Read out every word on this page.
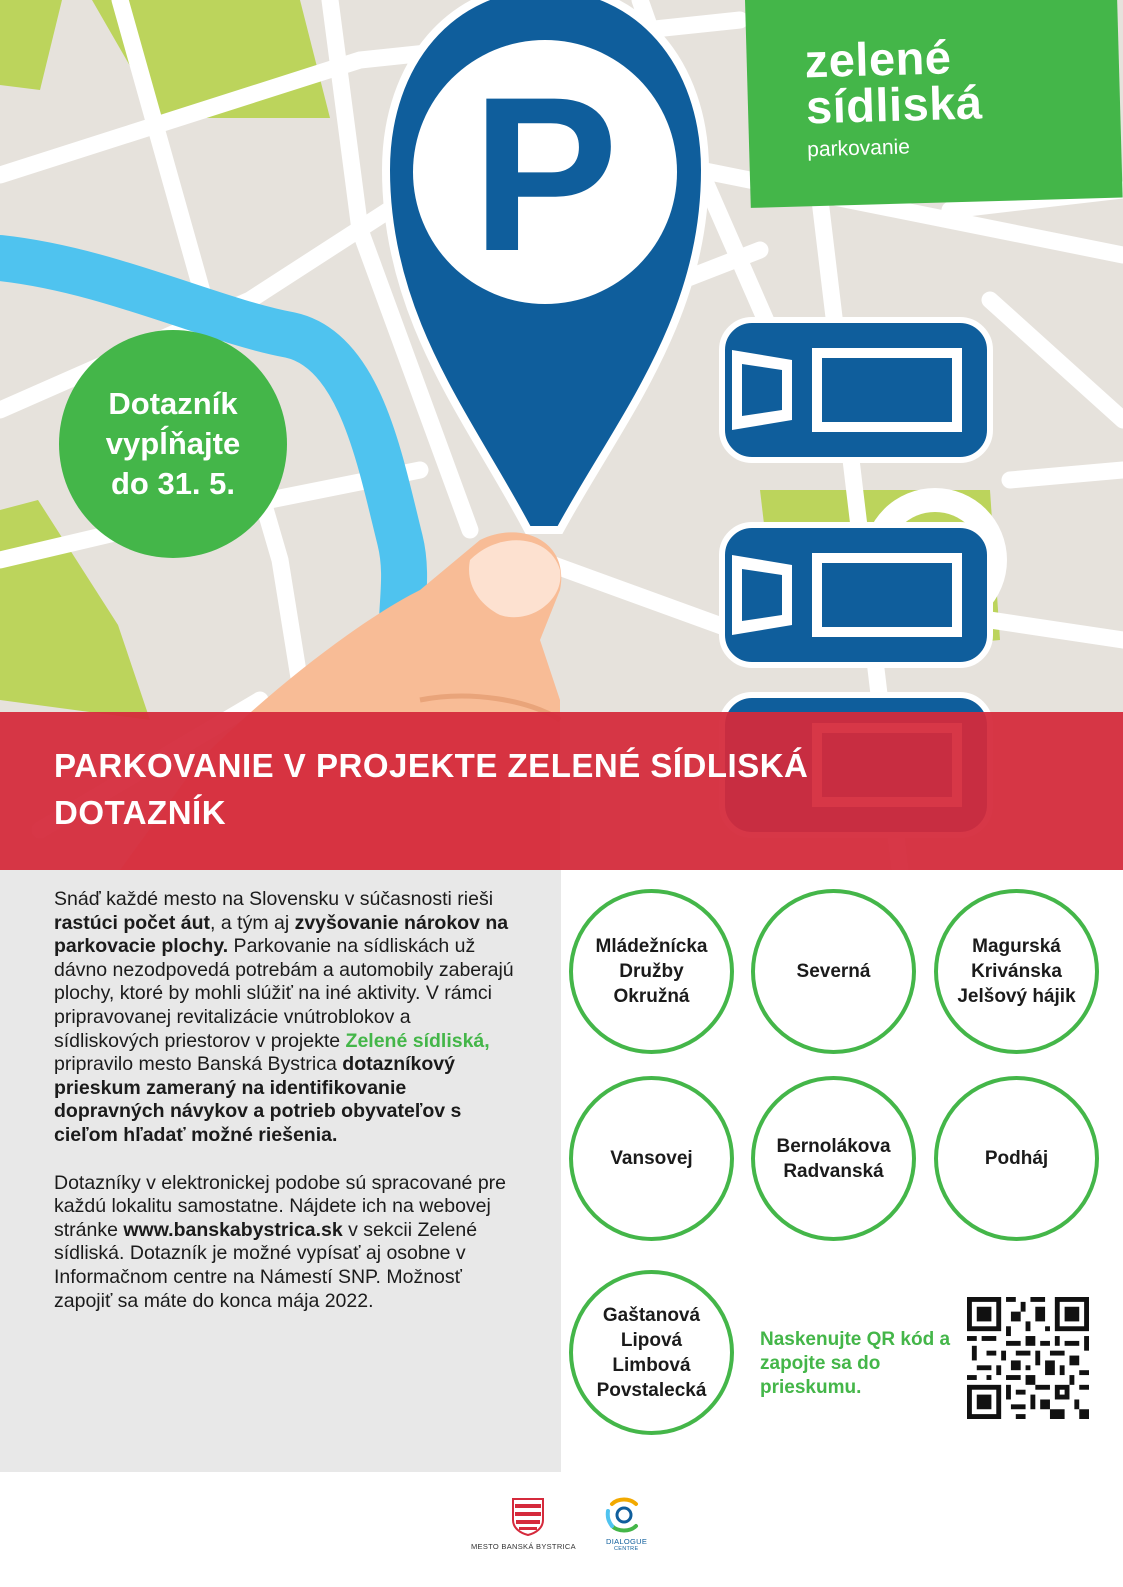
P	zelené
sídliská
parkovanie
Dotazník
vypĺňajte
do 31. 5.
PARKOVANIE V PROJEKTE ZELENÉ SÍDLISKÁ
DOTAZNÍK

Snáď každé mesto na Slovensku v súčasnosti rieši rastúci počet áut, a tým aj zvyšovanie nárokov na parkovacie plochy. Parkovanie na sídliskách už dávno nezodpovedá potrebám a automobily zaberajú plochy, ktoré by mohli slúžiť na iné aktivity. V rámci pripravovanej revitalizácie vnútroblokov a sídliskových priestorov v projekte Zelené sídliská, pripravilo mesto Banská Bystrica dotazníkový prieskum zameraný na identifikovanie dopravných návykov a potrieb obyvateľov s cieľom hľadať možné riešenia.

Dotazníky v elektronickej podobe sú spracované pre každú lokalitu samostatne. Nájdete ich na webovej stránke www.banskabystrica.sk v sekcii Zelené sídliská. Dotazník je možné vypísať aj osobne v Informačnom centre na Námestí SNP. Možnosť zapojiť sa máte do konca mája 2022.

Mládežnícka
Družby
Okružná
Severná
Magurská
Krivánska
Jelšový hájik
Vansovej
Bernolákova
Radvanská
Podháj
Gaštanová
Lipová
Limbová
Povstalecká
Naskenujte QR kód a zapojte sa do prieskumu.
MESTO BANSKÁ BYSTRICA
DIALOGUE
CENTRE
